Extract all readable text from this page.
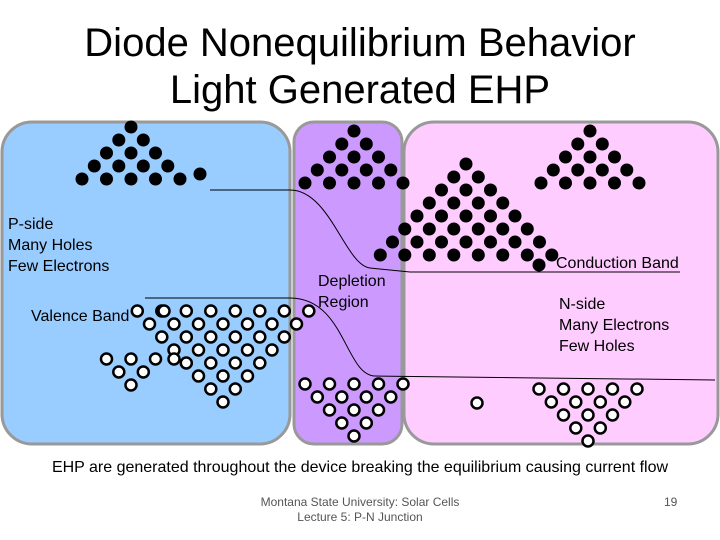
Diode Nonequilibrium Behavior
Light Generated EHP
P-side
Many Holes
Few Electrons
Valence Band
Depletion
Region
Conduction Band
N-side
Many Electrons
Few Holes
EHP are generated throughout the device breaking the equilibrium causing current flow
Montana State University: Solar Cells
Lecture 5: P-N Junction
19
